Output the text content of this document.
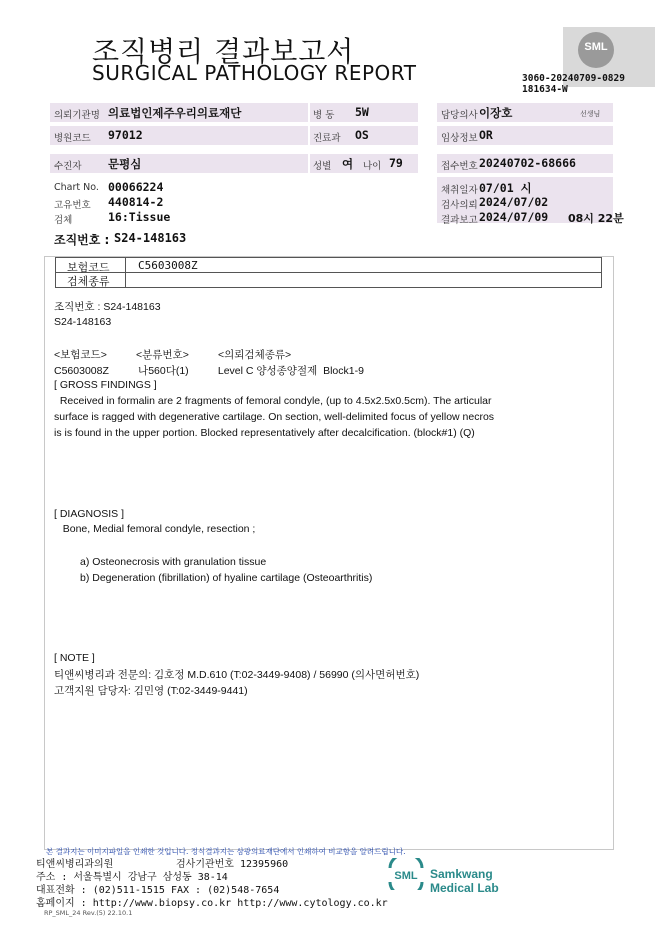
조직병리 결과보고서
SURGICAL PATHOLOGY REPORT
SML
3060-20240709-0829
181634-W
의뢰기관명 의료법인제주우리의료재단	병 동 5W	담당의사 이장호	선생님
병원코드 97012	진료과 OS	임상정보 OR
수진자 문평심	성별 여 나이 79	접수번호 20240702-68666
Chart No. 00066224
고유번호 440814-2
검체	16:Tissue
채취일자 07/01 시
검사의뢰 2024/07/02
결과보고 2024/07/09 08시 22분
조직번호 : S24-148163
보험코드	C5603008Z
검체종류
조직번호 : S24-148163
S24-148163
<보험코드>          <분류번호>          <의뢰검체종류>
C5603008Z          나560다(1)          Level C 양성종양절제  Block1-9
[ GROSS FINDINGS ]
Received in formalin are 2 fragments of femoral condyle, (up to 4.5x2.5x0.5cm). The articular
surface is ragged with degenerative cartilage. On section, well-delimited focus of yellow necros
is is found in the upper portion. Blocked representatively after decalcification. (block#1) (Q)
[ DIAGNOSIS ]
Bone, Medial femoral condyle, resection ;
a) Osteonecrosis with granulation tissue
b) Degeneration (fibrillation) of hyaline cartilage (Osteoarthritis)
[ NOTE ]
티앤씨병리과 전문의: 김호정 M.D.610 (T:02-3449-9408) / 56990 (의사면허번호)
고객지원 담당자: 김민영 (T:02-3449-9441)
본 결과지는 이미지파일을 인쇄한 것입니다. 정식결과지는 삼광의료재단에서 인쇄하여 비교함을 알려드립니다.
티앤씨병리과의원	검사기관번호 12395960
주소 : 서울특별시 강남구 삼성동 38-14
대표전화 : (02)511-1515 FAX : (02)548-7654
홈페이지 : http://www.biopsy.co.kr http://www.cytology.co.kr
RP_SML_24 Rev.(5) 22.10.1
SML Samkwang
Medical Lab
